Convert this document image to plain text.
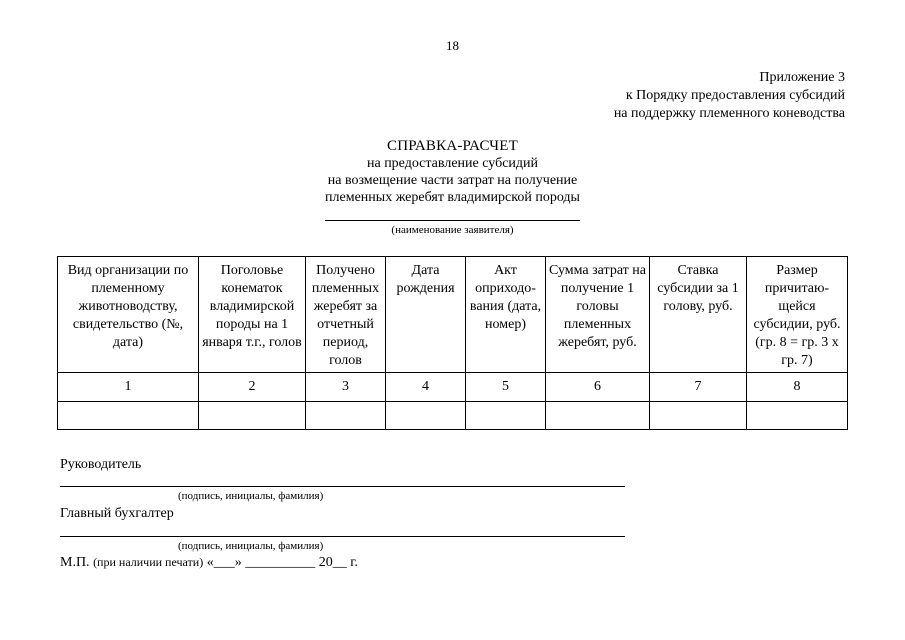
18
Приложение 3
к Порядку предоставления субсидий
на поддержку племенного коневодства
СПРАВКА-РАСЧЕТ
на предоставление субсидий
на возмещение части затрат на получение
племенных жеребят владимирской породы
(наименование заявителя)
Вид организации по племенному животноводству, свидетельство (№, дата)	Поголовье конематок владимирской породы на 1 января т.г., голов	Получено племенных жеребят за отчетный период, голов	Дата рождения	Акт оприходо-вания (дата, номер)	Сумма затрат на получение 1 головы племенных жеребят, руб.	Ставка субсидии за 1 голову, руб.	Размер причитаю-щейся субсидии, руб. (гр. 8 = гр. 3 х гр. 7)
1	2	3	4	5	6	7	8

Руководитель
(подпись, инициалы, фамилия)
Главный бухгалтер
(подпись, инициалы, фамилия)
М.П. (при наличии печати) «___» __________ 20__ г.
